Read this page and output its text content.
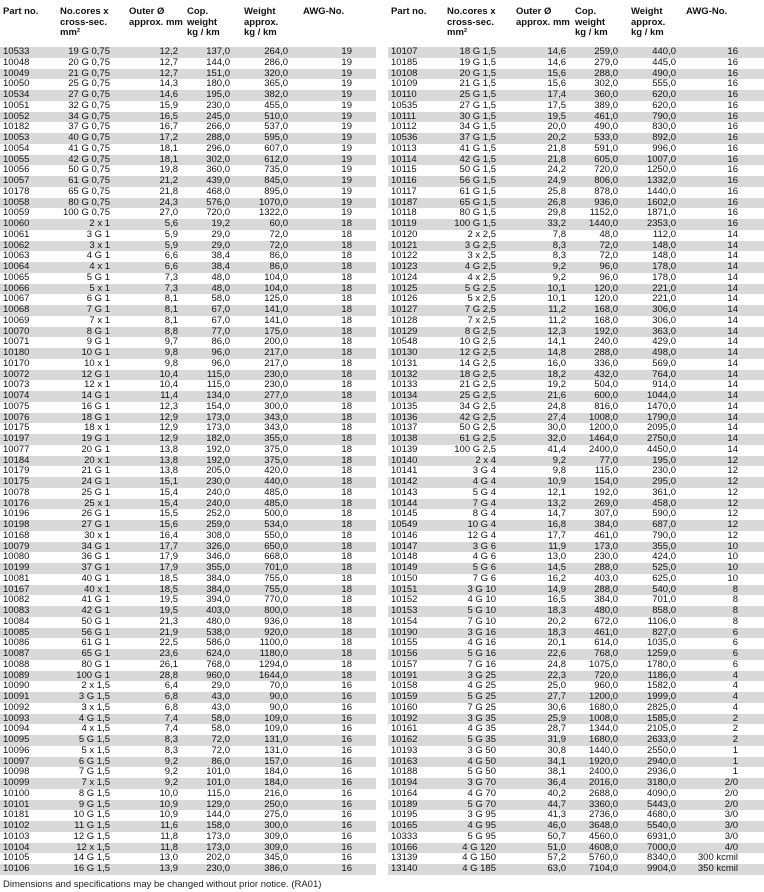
Part no. No.cores x
cross-sec.
mm²
Outer Ø
approx. mm
Cop.
weight
kg / km
Weight
approx.
kg / km
AWG-No.
10533	19 G 0,75	12,2	137,0	264,0	19
10048	20 G 0,75	12,7	144,0	286,0	19
10049	21 G 0,75	12,7	151,0	320,0	19
10050	25 G 0,75	14,3	180,0	365,0	19
10534	27 G 0,75	14,6	195,0	382,0	19
10051	32 G 0,75	15,9	230,0	455,0	19
10052	34 G 0,75	16,5	245,0	510,0	19
10182	37 G 0,75	16,7	266,0	537,0	19
10053	40 G 0,75	17,2	288,0	595,0	19
10054	41 G 0,75	18,1	296,0	607,0	19
10055	42 G 0,75	18,1	302,0	612,0	19
10056	50 G 0,75	19,8	360,0	735,0	19
10057	61 G 0,75	21,2	439,0	845,0	19
10178	65 G 0,75	21,8	468,0	895,0	19
10058	80 G 0,75	24,3	576,0	1070,0	19
10059	100 G 0,75	27,0	720,0	1322,0	19
10060	2 x 1	5,6	19,2	60,0	18
10061	3 G 1	5,9	29,0	72,0	18
10062	3 x 1	5,9	29,0	72,0	18
10063	4 G 1	6,6	38,4	86,0	18
10064	4 x 1	6,6	38,4	86,0	18
10065	5 G 1	7,3	48,0	104,0	18
10066	5 x 1	7,3	48,0	104,0	18
10067	6 G 1	8,1	58,0	125,0	18
10068	7 G 1	8,1	67,0	141,0	18
10069	7 x 1	8,1	67,0	141,0	18
10070	8 G 1	8,8	77,0	175,0	18
10071	9 G 1	9,7	86,0	200,0	18
10180	10 G 1	9,8	96,0	217,0	18
10170	10 x 1	9,8	96,0	217,0	18
10072	12 G 1	10,4	115,0	230,0	18
10073	12 x 1	10,4	115,0	230,0	18
10074	14 G 1	11,4	134,0	277,0	18
10075	16 G 1	12,3	154,0	300,0	18
10076	18 G 1	12,9	173,0	343,0	18
10175	18 x 1	12,9	173,0	343,0	18
10197	19 G 1	12,9	182,0	355,0	18
10077	20 G 1	13,8	192,0	375,0	18
10184	20 x 1	13,8	192,0	375,0	18
10179	21 G 1	13,8	205,0	420,0	18
10175	24 G 1	15,1	230,0	440,0	18
10078	25 G 1	15,4	240,0	485,0	18
10176	25 x 1	15,4	240,0	485,0	18
10196	26 G 1	15,5	252,0	500,0	18
10198	27 G 1	15,6	259,0	534,0	18
10168	30 x 1	16,4	308,0	550,0	18
10079	34 G 1	17,7	326,0	650,0	18
10080	36 G 1	17,9	346,0	668,0	18
10199	37 G 1	17,9	355,0	701,0	18
10081	40 G 1	18,5	384,0	755,0	18
10167	40 x 1	18,5	384,0	755,0	18
10082	41 G 1	19,5	394,0	770,0	18
10083	42 G 1	19,5	403,0	800,0	18
10084	50 G 1	21,3	480,0	936,0	18
10085	56 G 1	21,9	538,0	920,0	18
10086	61 G 1	22,5	586,0	1100,0	18
10087	65 G 1	23,6	624,0	1180,0	18
10088	80 G 1	26,1	768,0	1294,0	18
10089	100 G 1	28,8	960,0	1644,0	18
10090	2 x 1,5	6,4	29,0	70,0	16
10091	3 G 1,5	6,8	43,0	90,0	16
10092	3 x 1,5	6,8	43,0	90,0	16
10093	4 G 1,5	7,4	58,0	109,0	16
10094	4 x 1,5	7,4	58,0	109,0	16
10095	5 G 1,5	8,3	72,0	131,0	16
10096	5 x 1,5	8,3	72,0	131,0	16
10097	6 G 1,5	9,2	86,0	157,0	16
10098	7 G 1,5	9,2	101,0	184,0	16
10099	7 x 1,5	9,2	101,0	184,0	16
10100	8 G 1,5	10,0	115,0	216,0	16
10101	9 G 1,5	10,9	129,0	250,0	16
10181	10 G 1,5	10,9	144,0	275,0	16
10102	11 G 1,5	11,6	158,0	300,0	16
10103	12 G 1,5	11,8	173,0	309,0	16
10104	12 x 1,5	11,8	173,0	309,0	16
10105	14 G 1,5	13,0	202,0	345,0	16
10106	16 G 1,5	13,9	230,0	386,0	16
Part no. No.cores x
cross-sec.
mm²
Outer Ø
approx. mm
Cop.
weight
kg / km
Weight
approx.
kg / km
AWG-No.
10107	18 G 1,5	14,6	259,0	440,0	16
10185	19 G 1,5	14,6	279,0	445,0	16
10108	20 G 1,5	15,6	288,0	490,0	16
10109	21 G 1,5	15,6	302,0	555,0	16
10110	25 G 1,5	17,4	360,0	620,0	16
10535	27 G 1,5	17,5	389,0	620,0	16
10111	30 G 1,5	19,5	461,0	790,0	16
10112	34 G 1,5	20,0	490,0	830,0	16
10536	37 G 1,5	20,2	533,0	892,0	16
10113	41 G 1,5	21,8	591,0	996,0	16
10114	42 G 1,5	21,8	605,0	1007,0	16
10115	50 G 1,5	24,2	720,0	1250,0	16
10116	56 G 1,5	24,9	806,0	1332,0	16
10117	61 G 1,5	25,8	878,0	1440,0	16
10187	65 G 1,5	26,8	936,0	1602,0	16
10118	80 G 1,5	29,8	1152,0	1871,0	16
10119	100 G 1,5	33,2	1440,0	2353,0	16
10120	2 x 2,5	7,8	48,0	112,0	14
10121	3 G 2,5	8,3	72,0	148,0	14
10122	3 x 2,5	8,3	72,0	148,0	14
10123	4 G 2,5	9,2	96,0	178,0	14
10124	4 x 2,5	9,2	96,0	178,0	14
10125	5 G 2,5	10,1	120,0	221,0	14
10126	5 x 2,5	10,1	120,0	221,0	14
10127	7 G 2,5	11,2	168,0	306,0	14
10128	7 x 2,5	11,2	168,0	306,0	14
10129	8 G 2,5	12,3	192,0	363,0	14
10548	10 G 2,5	14,1	240,0	429,0	14
10130	12 G 2,5	14,8	288,0	498,0	14
10131	14 G 2,5	16,0	336,0	569,0	14
10132	18 G 2,5	18,2	432,0	764,0	14
10133	21 G 2,5	19,2	504,0	914,0	14
10134	25 G 2,5	21,6	600,0	1044,0	14
10135	34 G 2,5	24,8	816,0	1470,0	14
10136	42 G 2,5	27,4	1008,0	1790,0	14
10137	50 G 2,5	30,0	1200,0	2095,0	14
10138	61 G 2,5	32,0	1464,0	2750,0	14
10139	100 G 2,5	41,4	2400,0	4450,0	14
10140	2 x 4	9,2	77,0	195,0	12
10141	3 G 4	9,8	115,0	230,0	12
10142	4 G 4	10,9	154,0	295,0	12
10143	5 G 4	12,1	192,0	361,0	12
10144	7 G 4	13,2	269,0	458,0	12
10145	8 G 4	14,7	307,0	590,0	12
10549	10 G 4	16,8	384,0	687,0	12
10146	12 G 4	17,7	461,0	790,0	12
10147	3 G 6	11,9	173,0	355,0	10
10148	4 G 6	13,0	230,0	424,0	10
10149	5 G 6	14,5	288,0	525,0	10
10150	7 G 6	16,2	403,0	625,0	10
10151	3 G 10	14,9	288,0	540,0	8
10152	4 G 10	16,5	384,0	701,0	8
10153	5 G 10	18,3	480,0	858,0	8
10154	7 G 10	20,2	672,0	1106,0	8
10190	3 G 16	18,3	461,0	827,0	6
10155	4 G 16	20,1	614,0	1035,0	6
10156	5 G 16	22,6	768,0	1259,0	6
10157	7 G 16	24,8	1075,0	1780,0	6
10191	3 G 25	22,3	720,0	1186,0	4
10158	4 G 25	25,0	960,0	1582,0	4
10159	5 G 25	27,7	1200,0	1999,0	4
10160	7 G 25	30,6	1680,0	2825,0	4
10192	3 G 35	25,9	1008,0	1585,0	2
10161	4 G 35	28,7	1344,0	2105,0	2
10162	5 G 35	31,9	1680,0	2633,0	2
10193	3 G 50	30,8	1440,0	2550,0	1
10163	4 G 50	34,1	1920,0	2940,0	1
10188	5 G 50	38,1	2400,0	2936,0	1
10194	3 G 70	36,4	2016,0	3180,0	2/0
10164	4 G 70	40,2	2688,0	4090,0	2/0
10189	5 G 70	44,7	3360,0	5443,0	2/0
10195	3 G 95	41,3	2736,0	4680,0	3/0
10165	4 G 95	46,0	3648,0	5540,0	3/0
10333	5 G 95	50,7	4560,0	6931,0	3/0
10166	4 G 120	51,0	4608,0	7000,0	4/0
13139	4 G 150	57,2	5760,0	8340,0	300 kcmil
13140	4 G 185	63,0	7104,0	9904,0	350 kcmil
Dimensions and specifications may be changed without prior notice. (RA01)
